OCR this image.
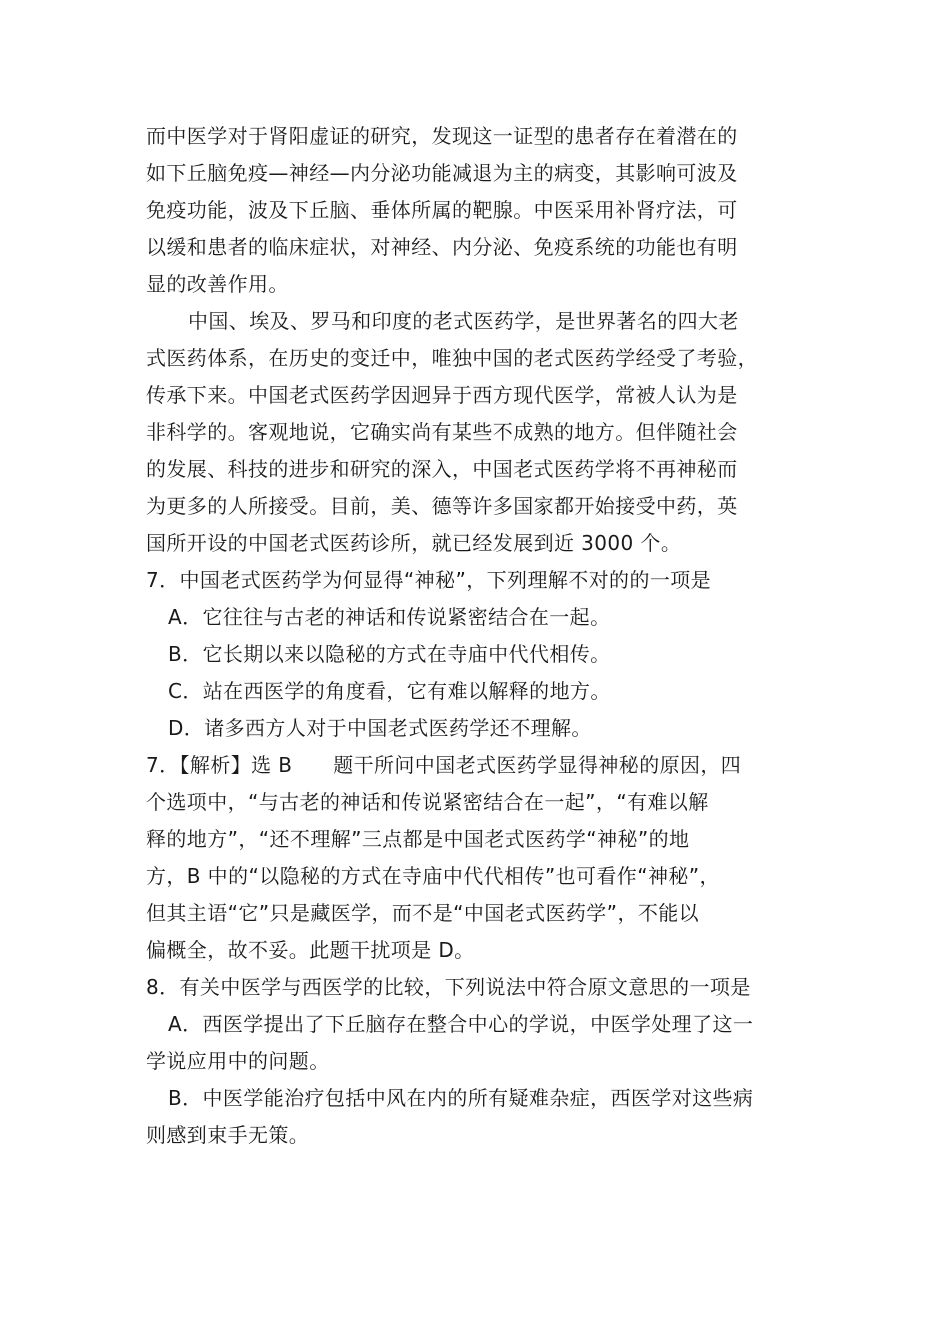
而中医学对于肾阳虚证的研究，发现这一证型的患者存在着潜在的
如下丘脑免疫—神经—内分泌功能减退为主的病变，其影响可波及
免疫功能，波及下丘脑、垂体所属的靶腺。中医采用补肾疗法，可
以缓和患者的临床症状，对神经、内分泌、免疫系统的功能也有明
显的改善作用。
中国、埃及、罗马和印度的老式医药学，是世界著名的四大老
式医药体系，在历史的变迁中，唯独中国的老式医药学经受了考验，
传承下来。中国老式医药学因迥异于西方现代医学，常被人认为是
非科学的。客观地说，它确实尚有某些不成熟的地方。但伴随社会
的发展、科技的进步和研究的深入，中国老式医药学将不再神秘而
为更多的人所接受。目前，美、德等许多国家都开始接受中药，英
国所开设的中国老式医药诊所，就已经发展到近 3000 个。
7．中国老式医药学为何显得“神秘”，下列理解不对的的一项是
A．它往往与古老的神话和传说紧密结合在一起。
B．它长期以来以隐秘的方式在寺庙中代代相传。
C．站在西医学的角度看，它有难以解释的地方。
D．诸多西方人对于中国老式医药学还不理解。
7．【解析】选 B　　题干所问中国老式医药学显得神秘的原因，四
个选项中，“与古老的神话和传说紧密结合在一起”，“有难以解
释的地方”，“还不理解”三点都是中国老式医药学“神秘”的地
方，B 中的“以隐秘的方式在寺庙中代代相传”也可看作“神秘”，
但其主语“它”只是藏医学，而不是“中国老式医药学”，不能以
偏概全，故不妥。此题干扰项是 D。
8．有关中医学与西医学的比较，下列说法中符合原文意思的一项是
A．西医学提出了下丘脑存在整合中心的学说，中医学处理了这一
学说应用中的问题。
B．中医学能治疗包括中风在内的所有疑难杂症，西医学对这些病
则感到束手无策。
